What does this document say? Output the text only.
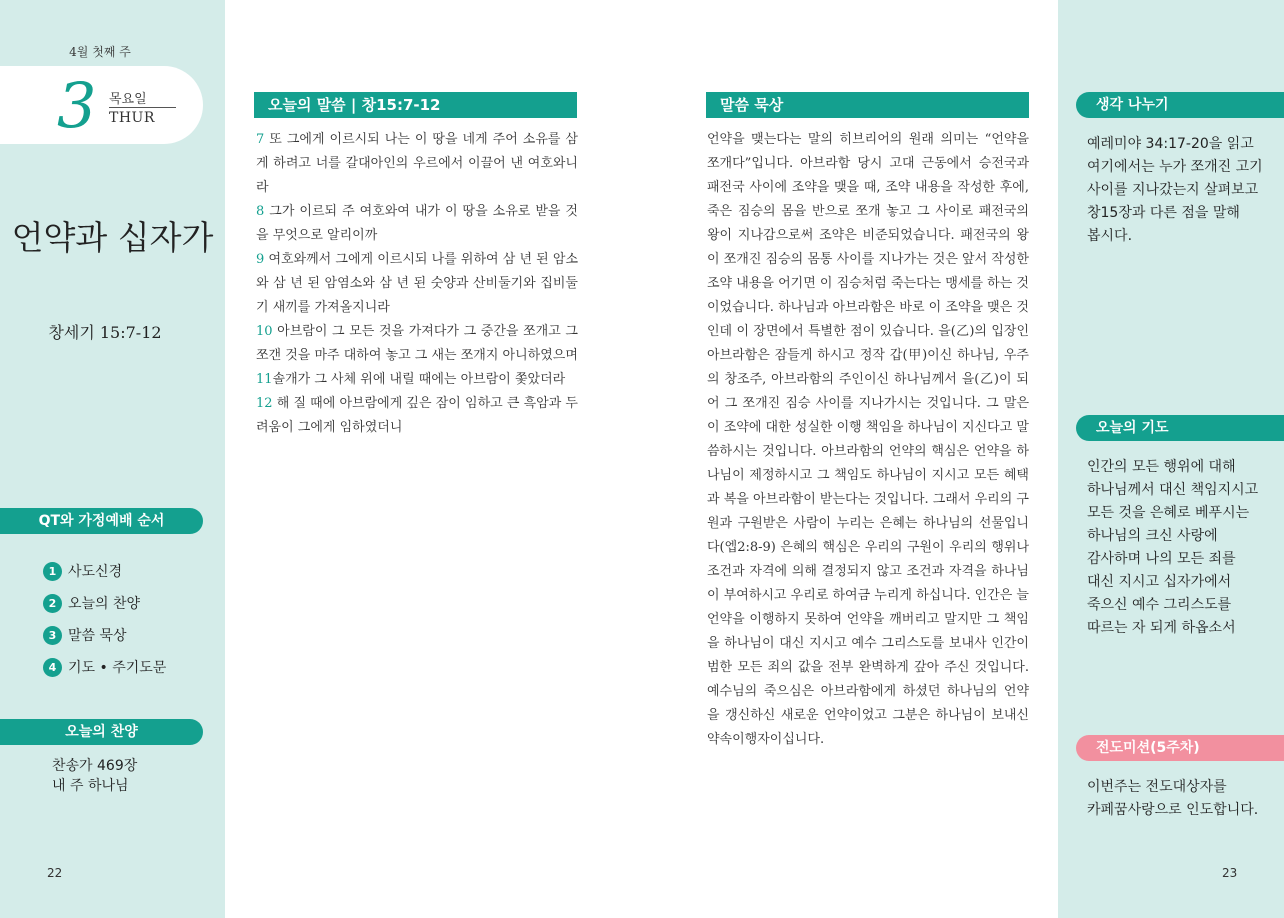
4월 첫째 주
3 목요일
THUR
언약과 십자가
창세기 15:7-12
QT와 가정예배 순서
1 사도신경
2 오늘의 찬양
3 말씀 묵상
4 기도 • 주기도문
오늘의 찬양
찬송가 469장
내 주 하나님
22
오늘의 말씀 | 창15:7-12
7 또 그에게 이르시되 나는 이 땅을 네게 주어 소유를 삼게 하려고 너를 갈대아인의 우르에서 이끌어 낸 여호와니라
8 그가 이르되 주 여호와여 내가 이 땅을 소유로 받을 것을 무엇으로 알리이까
9 여호와께서 그에게 이르시되 나를 위하여 삼 년 된 암소와 삼 년 된 암염소와 삼 년 된 숫양과 산비둘기와 집비둘기 새끼를 가져올지니라
10 아브람이 그 모든 것을 가져다가 그 중간을 쪼개고 그 쪼갠 것을 마주 대하여 놓고 그 새는 쪼개지 아니하였으며
11솔개가 그 사체 위에 내릴 때에는 아브람이 쫓았더라
12 해 질 때에 아브람에게 깊은 잠이 임하고 큰 흑암과 두려움이 그에게 임하였더니
말씀 묵상
언약을 맺는다는 말의 히브리어의 원래 의미는 “언약을 쪼개다”입니다. 아브라함 당시 고대 근동에서 승전국과 패전국 사이에 조약을 맺을 때, 조약 내용을 작성한 후에, 죽은 짐승의 몸을 반으로 쪼개 놓고 그 사이로 패전국의 왕이 지나감으로써 조약은 비준되었습니다. 패전국의 왕이 쪼개진 짐승의 몸통 사이를 지나가는 것은 앞서 작성한 조약 내용을 어기면 이 짐승처럼 죽는다는 맹세를 하는 것이었습니다. 하나님과 아브라함은 바로 이 조약을 맺은 것인데 이 장면에서 특별한 점이 있습니다. 을(乙)의 입장인 아브라함은 잠들게 하시고 정작 갑(甲)이신 하나님, 우주의 창조주, 아브라함의 주인이신 하나님께서 을(乙)이 되어 그 쪼개진 짐승 사이를 지나가시는 것입니다. 그 말은 이 조약에 대한 성실한 이행 책임을 하나님이 지신다고 말씀하시는 것입니다. 아브라함의 언약의 핵심은 언약을 하나님이 제정하시고 그 책임도 하나님이 지시고 모든 혜택과 복을 아브라함이 받는다는 것입니다. 그래서 우리의 구원과 구원받은 사람이 누리는 은혜는 하나님의 선물입니다(엡2:8-9) 은혜의 핵심은 우리의 구원이 우리의 행위나 조건과 자격에 의해 결정되지 않고 조건과 자격을 하나님이 부여하시고 우리로 하여금 누리게 하십니다. 인간은 늘 언약을 이행하지 못하여 언약을 깨버리고 말지만 그 책임을 하나님이 대신 지시고 예수 그리스도를 보내사 인간이 범한 모든 죄의 값을 전부 완벽하게 갚아 주신 것입니다. 예수님의 죽으심은 아브라함에게 하셨던 하나님의 언약을 갱신하신 새로운 언약이었고 그분은 하나님이 보내신 약속이행자이십니다.
생각 나누기
예레미야 34:17-20을 읽고
여기에서는 누가 쪼개진 고기
사이를 지나갔는지 살펴보고
창15장과 다른 점을 말해
봅시다.
오늘의 기도
인간의 모든 행위에 대해
하나님께서 대신 책임지시고
모든 것을 은혜로 베푸시는
하나님의 크신 사랑에
감사하며 나의 모든 죄를
대신 지시고 십자가에서
죽으신 예수 그리스도를
따르는 자 되게 하옵소서
전도미션(5주차)
이번주는 전도대상자를
카페꿈사랑으로 인도합니다.
23
